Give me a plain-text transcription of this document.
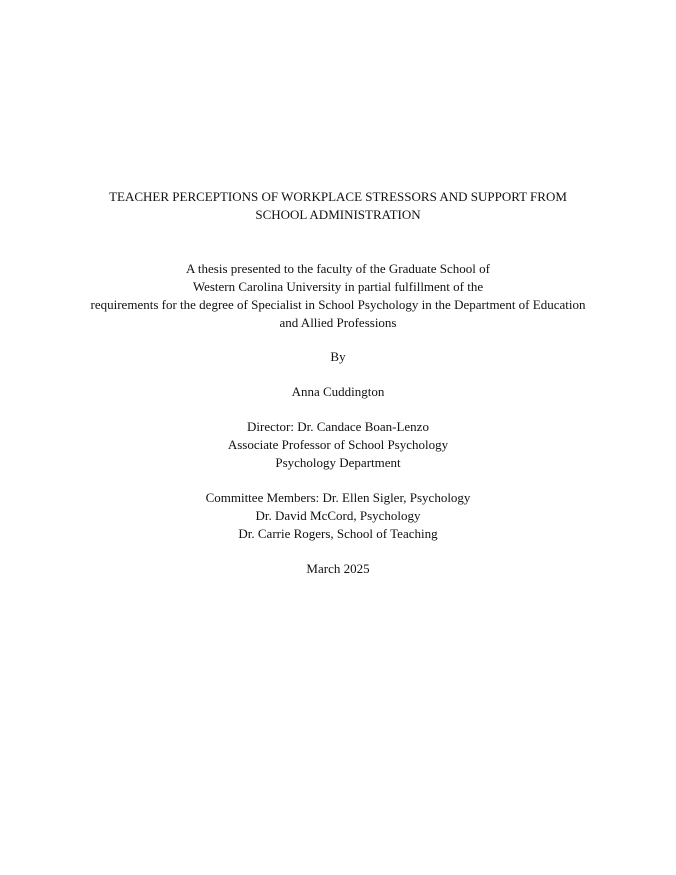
TEACHER PERCEPTIONS OF WORKPLACE STRESSORS AND SUPPORT FROM
SCHOOL ADMINISTRATION
A thesis presented to the faculty of the Graduate School of
Western Carolina University in partial fulfillment of the
requirements for the degree of Specialist in School Psychology in the Department of Education
and Allied Professions
By
Anna Cuddington
Director: Dr. Candace Boan-Lenzo
Associate Professor of School Psychology
Psychology Department
Committee Members: Dr. Ellen Sigler, Psychology
Dr. David McCord, Psychology
Dr. Carrie Rogers, School of Teaching
March 2025
